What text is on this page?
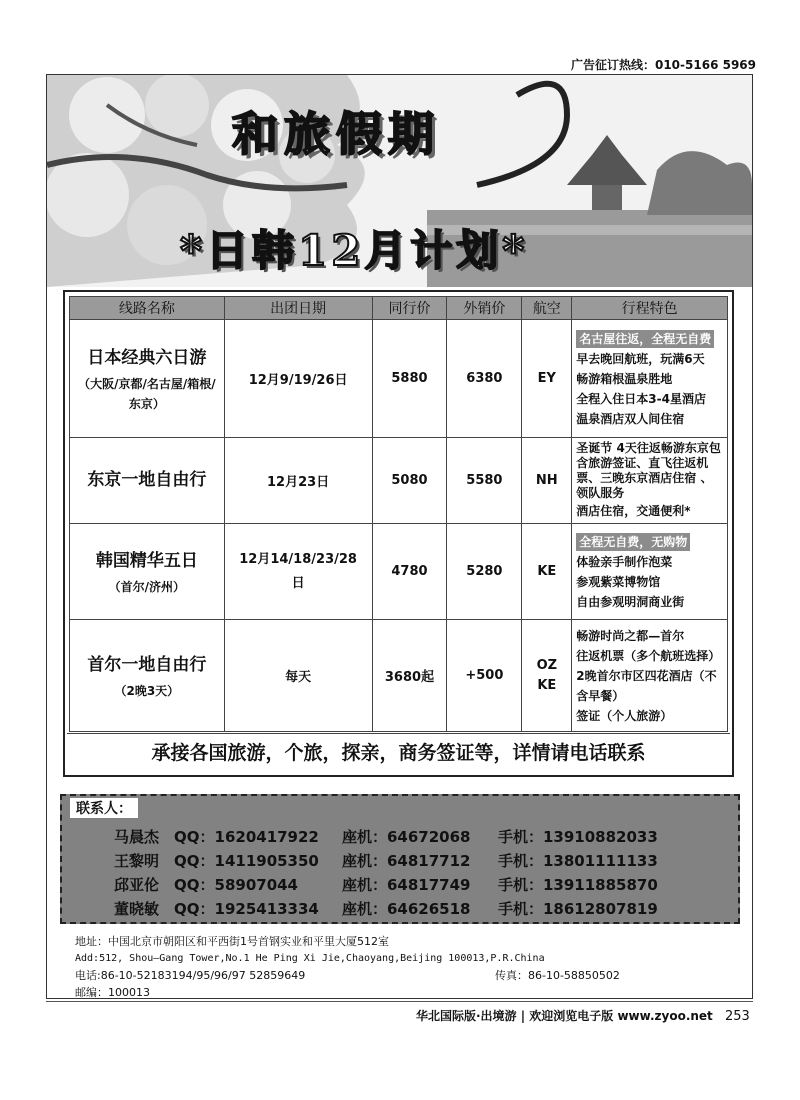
广告征订热线：010-5166 5969
和旅假期
*日韩12月计划*
线路名称	出团日期	同行价	外销价	航空	行程特色

日本经典六日游
（大阪/京都/名古屋/箱根/东京）	12月9/19/26日	5880	6380	EY	名古屋往返，全程无自费
早去晚回航班，玩满6天
畅游箱根温泉胜地
全程入住日本3-4星酒店
温泉酒店双人间住宿

东京一地自由行	12月23日	5080	5580	NH	圣诞节 4天往返畅游东京包含旅游签证、直飞往返机票、三晚东京酒店住宿 、领队服务
酒店住宿，交通便利*

韩国精华五日
（首尔/济州）	12月14/18/23/28日	4780	5280	KE	全程无自费，无购物
体验亲手制作泡菜
参观紫菜博物馆
自由参观明洞商业街

首尔一地自由行
（2晚3天）	每天	3680起	+500	OZ KE	畅游时尚之都—首尔
往返机票（多个航班选择）
2晚首尔市区四花酒店（不含早餐）
签证（个人旅游）
承接各国旅游，个旅，探亲，商务签证等，详情请电话联系
联系人：
马晨杰 QQ：1620417922 座机：64672068 手机：13910882033
王黎明 QQ：1411905350 座机：64817712 手机：13801111133
邱亚伦 QQ：58907044	座机：64817749 手机：13911885870
董晓敏 QQ：1925413334 座机：64626518 手机：18612807819
地址：中国北京市朝阳区和平西街1号首钢实业和平里大厦512室
Add:512, Shou—Gang Tower,No.1 He Ping Xi Jie,Chaoyang,Beijing 100013,P.R.China
电话:86-10-52183194/95/96/97 52859649	传真：86-10-58850502
邮编：100013
华北国际版·出境游 | 欢迎浏览电子版 www.zyoo.net 253
